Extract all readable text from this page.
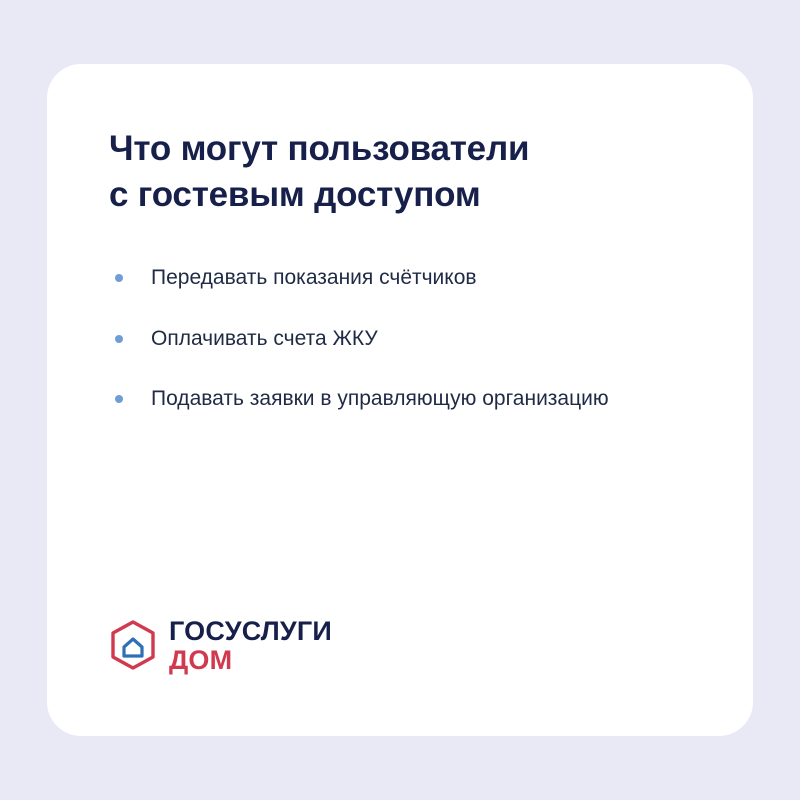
Что могут пользователи
с гостевым доступом
Передавать показания счётчиков
Оплачивать счета ЖКУ
Подавать заявки в управляющую организацию
ГОСУСЛУГИ
ДОМ
